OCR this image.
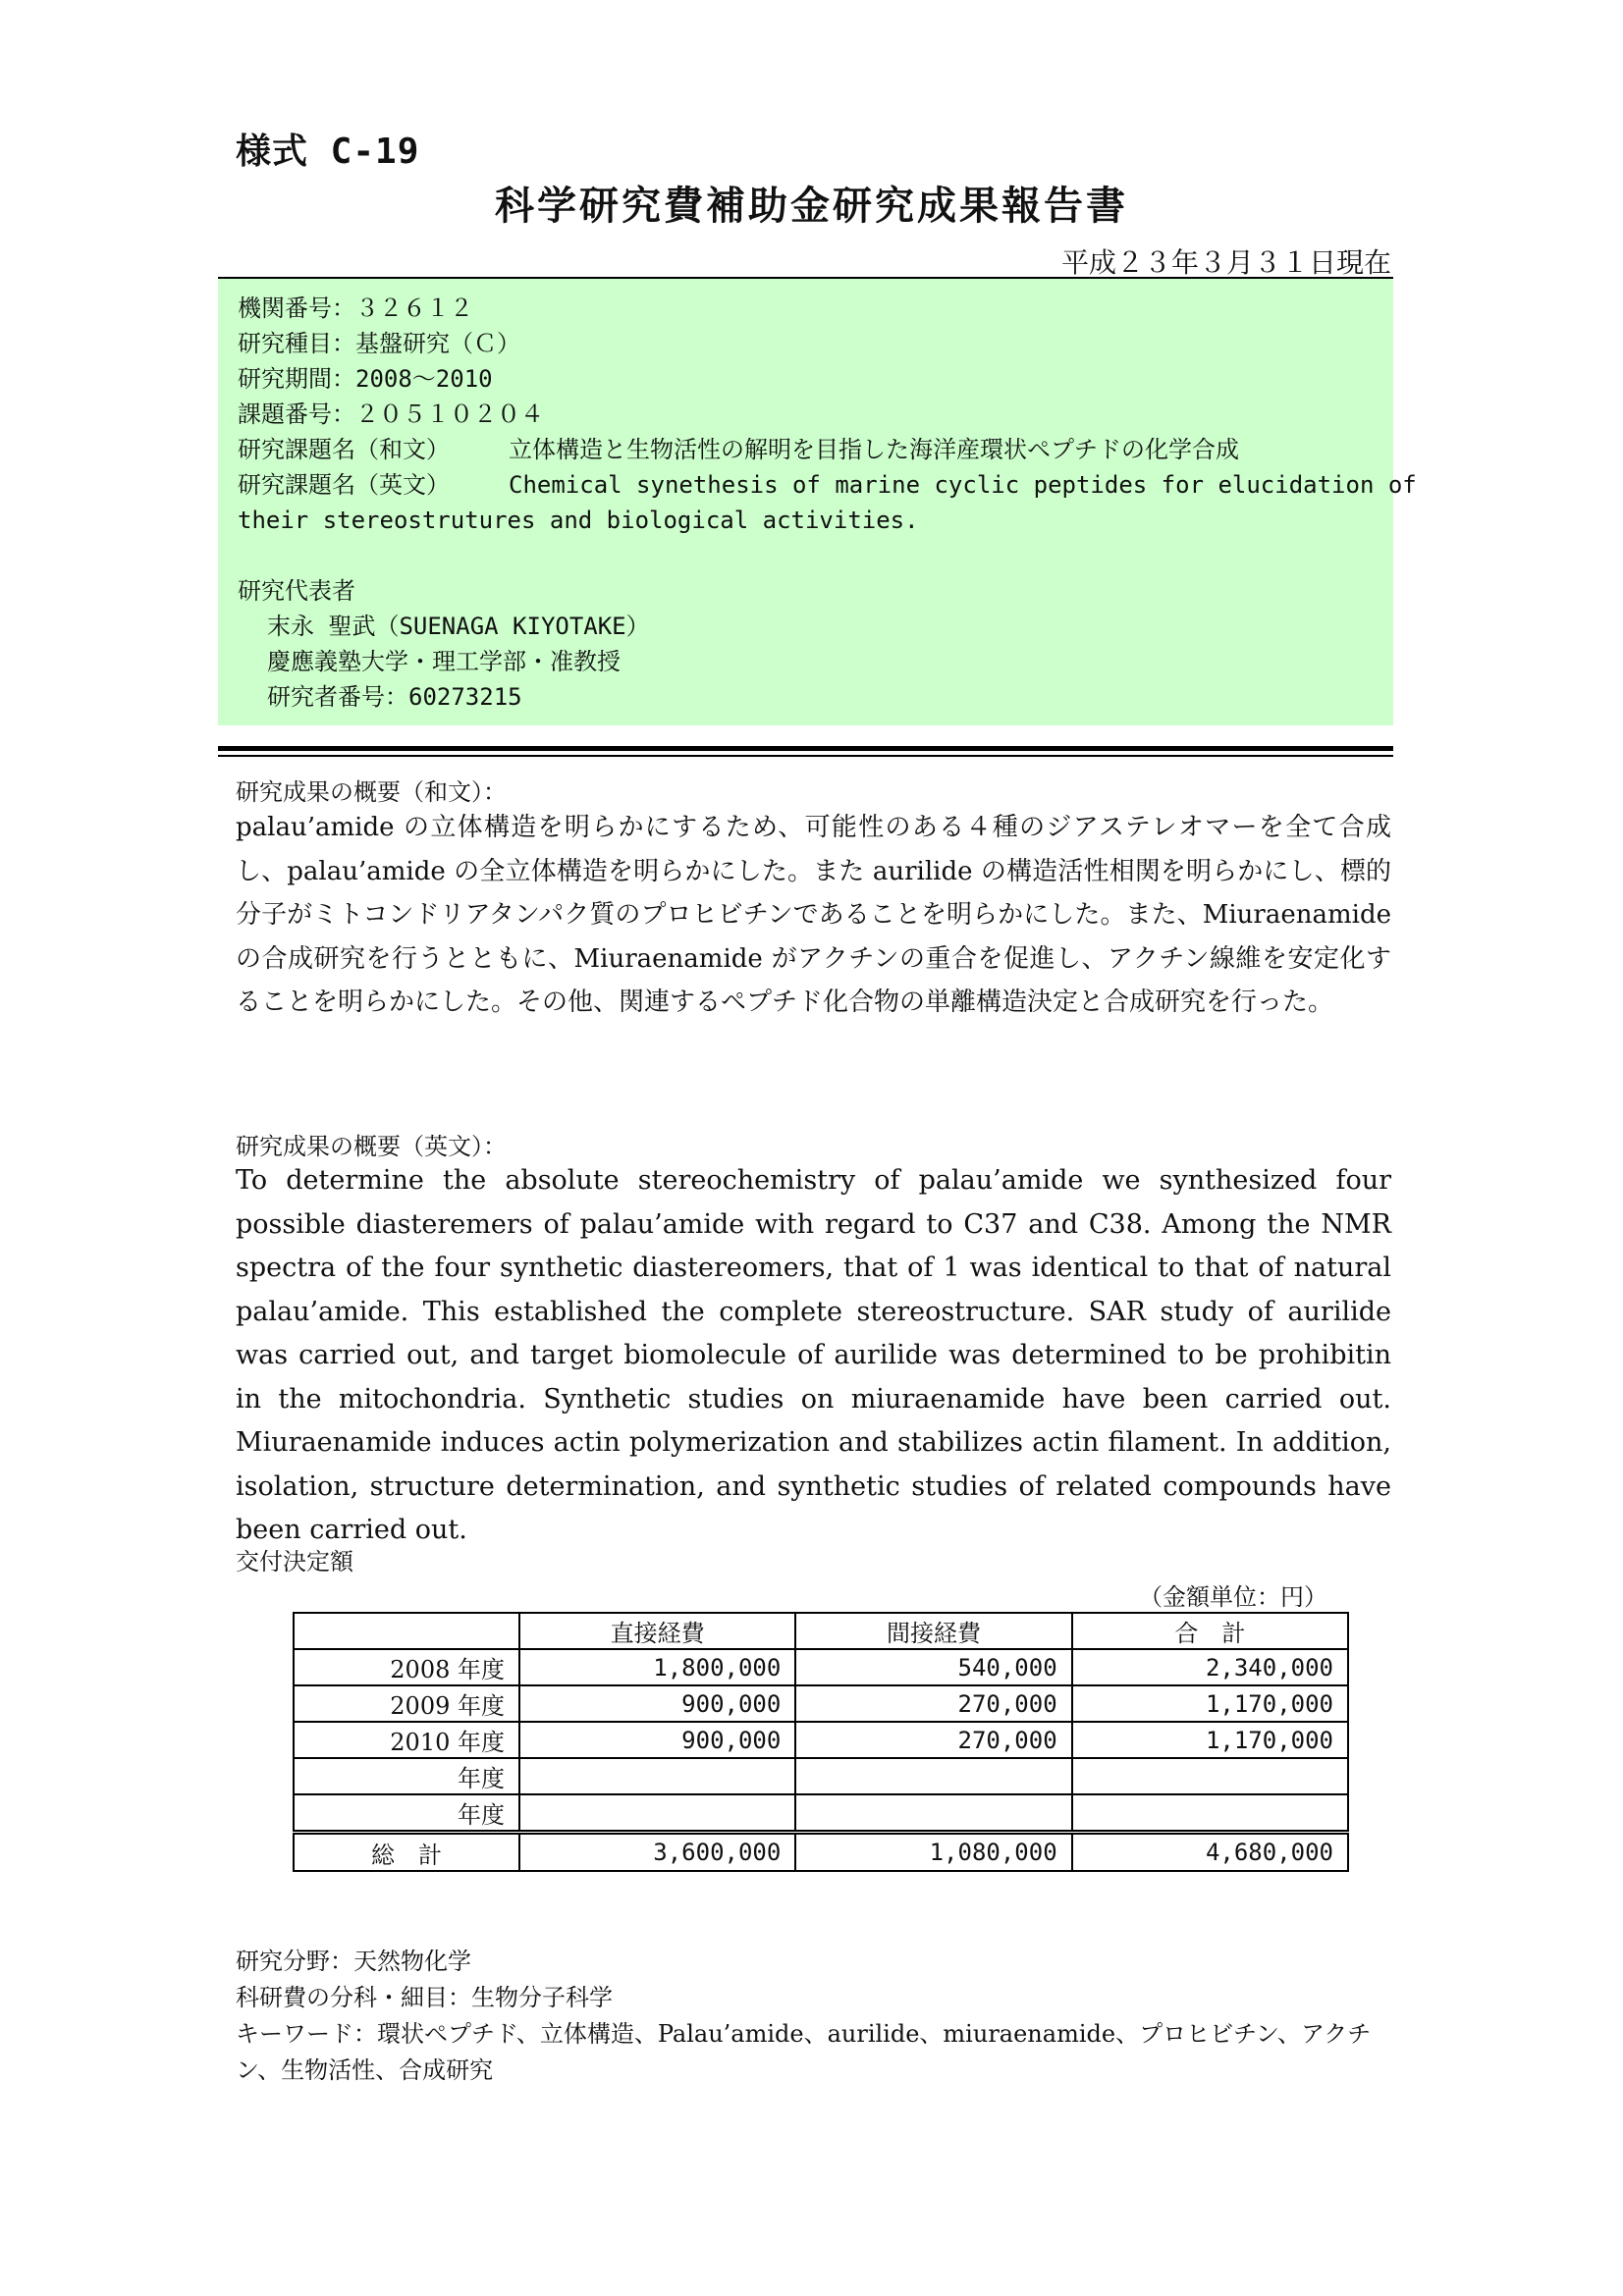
様式 C-19
科学研究費補助金研究成果報告書
平成２３年３月３１日現在
機関番号：３２６１２
研究種目：基盤研究（Ｃ）
研究期間：2008～2010
課題番号：２０５１０２０４
研究課題名（和文）	立体構造と生物活性の解明を目指した海洋産環状ペプチドの化学合成
研究課題名（英文）	Chemical synethesis of marine cyclic peptides for elucidation of
their stereostrutures and biological activities.
研究代表者
末永 聖武（SUENAGA KIYOTAKE）
慶應義塾大学・理工学部・准教授
研究者番号：60273215
研究成果の概要（和文）：
palau’amide の立体構造を明らかにするため、可能性のある４種のジアステレオマーを全て合成し、palau’amide の全立体構造を明らかにした。また aurilide の構造活性相関を明らかにし、標的分子がミトコンドリアタンパク質のプロヒビチンであることを明らかにした。また、Miuraenamide の合成研究を行うとともに、Miuraenamide がアクチンの重合を促進し、アクチン線維を安定化することを明らかにした。その他、関連するペプチド化合物の単離構造決定と合成研究を行った。
研究成果の概要（英文）：
To determine the absolute stereochemistry of palau’amide we synthesized four possible diasteremers of palau’amide with regard to C37 and C38. Among the NMR spectra of the four synthetic diastereomers, that of 1 was identical to that of natural palau’amide. This established the complete stereostructure. SAR study of aurilide was carried out, and target biomolecule of aurilide was determined to be prohibitin in the mitochondria. Synthetic studies on miuraenamide have been carried out. Miuraenamide induces actin polymerization and stabilizes actin filament. In addition, isolation, structure determination, and synthetic studies of related compounds have been carried out.
交付決定額
（金額単位：円）
	直接経費	間接経費	合　計
2008 年度	1,800,000	540,000	2,340,000
2009 年度	900,000	270,000	1,170,000
2010 年度	900,000	270,000	1,170,000
年度			
年度			
総　計	3,600,000	1,080,000	4,680,000
研究分野：天然物化学
科研費の分科・細目：生物分子科学
キーワード：環状ペプチド、立体構造、Palau’amide、aurilide、miuraenamide、プロヒビチン、アクチン、生物活性、合成研究
